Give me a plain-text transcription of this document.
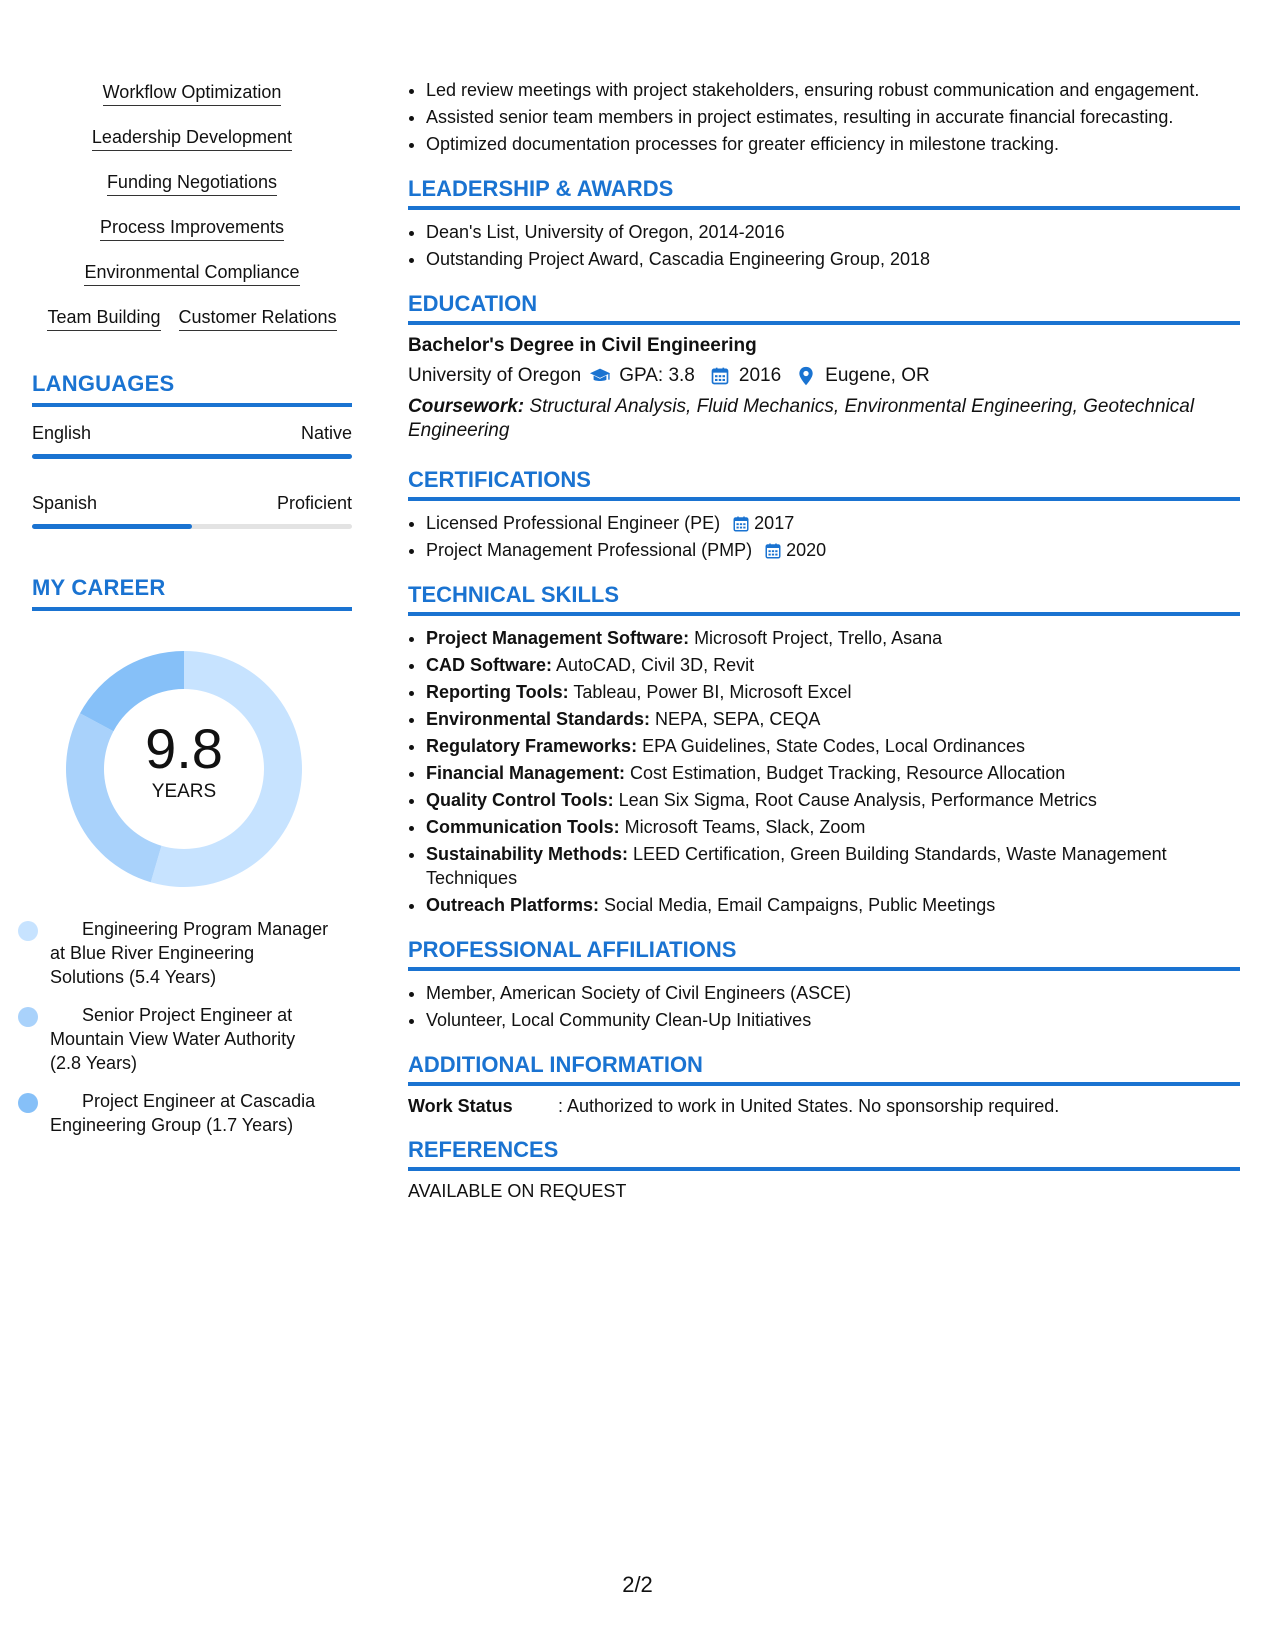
Workflow Optimization
Leadership Development
Funding Negotiations
Process Improvements
Environmental Compliance
Team Building Customer Relations
LANGUAGES
English	Native
Spanish	Proficient
MY CAREER
9.8
YEARS
Engineering Program Manager at Blue River Engineering Solutions (5.4 Years)
Senior Project Engineer at Mountain View Water Authority (2.8 Years)
Project Engineer at Cascadia Engineering Group (1.7 Years)
• Led review meetings with project stakeholders, ensuring robust communication and engagement.
• Assisted senior team members in project estimates, resulting in accurate financial forecasting.
• Optimized documentation processes for greater efficiency in milestone tracking.
LEADERSHIP & AWARDS
• Dean's List, University of Oregon, 2014-2016
• Outstanding Project Award, Cascadia Engineering Group, 2018
EDUCATION
Bachelor's Degree in Civil Engineering
University of Oregon GPA: 3.8 2016 Eugene, OR
Coursework: Structural Analysis, Fluid Mechanics, Environmental Engineering, Geotechnical Engineering
CERTIFICATIONS
• Licensed Professional Engineer (PE) 2017
• Project Management Professional (PMP) 2020
TECHNICAL SKILLS
• Project Management Software: Microsoft Project, Trello, Asana
• CAD Software: AutoCAD, Civil 3D, Revit
• Reporting Tools: Tableau, Power BI, Microsoft Excel
• Environmental Standards: NEPA, SEPA, CEQA
• Regulatory Frameworks: EPA Guidelines, State Codes, Local Ordinances
• Financial Management: Cost Estimation, Budget Tracking, Resource Allocation
• Quality Control Tools: Lean Six Sigma, Root Cause Analysis, Performance Metrics
• Communication Tools: Microsoft Teams, Slack, Zoom
• Sustainability Methods: LEED Certification, Green Building Standards, Waste Management Techniques
• Outreach Platforms: Social Media, Email Campaigns, Public Meetings
PROFESSIONAL AFFILIATIONS
• Member, American Society of Civil Engineers (ASCE)
• Volunteer, Local Community Clean-Up Initiatives
ADDITIONAL INFORMATION
Work Status	: Authorized to work in United States. No sponsorship required.
REFERENCES
AVAILABLE ON REQUEST
2/2
